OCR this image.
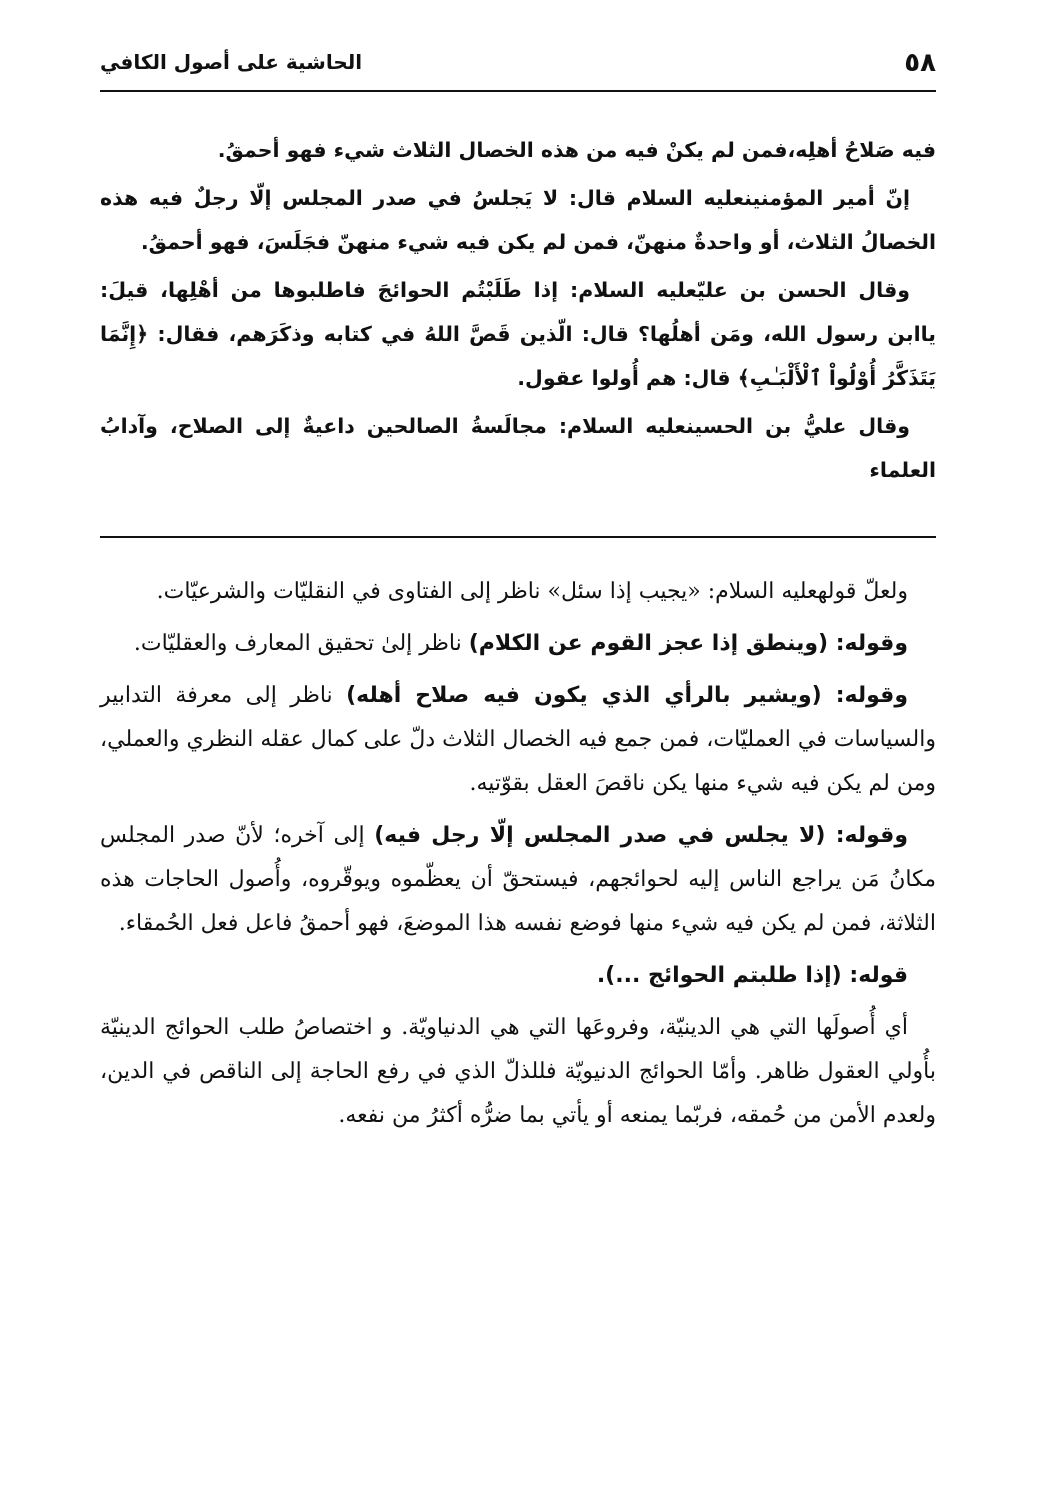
٥٨
الحاشية على أصول الكافي

فيه صَلاحُ أهلِه،فمن لم يكنْ فيه من هذه الخصال الثلاث شيء فهو أحمقُ.

إنّ أمير المؤمنينعليه السلام قال: لا يَجلسُ في صدر المجلس إلّا رجلٌ فيه هذه الخصالُ الثلاث، أو واحدةٌ منهنّ، فمن لم يكن فيه شيء منهنّ فجَلَسَ، فهو أحمقُ.

وقال الحسن بن عليّعليه السلام: إذا طَلَبْتُم الحوائجَ فاطلبوها من أهْلِها، قيلَ: ياابن رسول الله، ومَن أهلُها؟ قال: الّذين قَصَّ اللهُ في كتابه وذكَرَهم، فقال: ﴿إِنَّمَا يَتَذَكَّرُ أُوْلُواْ ٱلْأَلْبَـٰبِ﴾ قال: هم أُولوا عقول.

وقال عليُّ بن الحسينعليه السلام: مجالَسةُ الصالحين داعيةٌ إلى الصلاح، وآدابُ العلماء

ولعلّ قولهعليه السلام: «يجيب إذا سئل» ناظر إلى الفتاوى في النقليّات والشرعيّات.

وقوله: (وينطق إذا عجز القوم عن الكلام) ناظر إلىٰ تحقيق المعارف والعقليّات.

وقوله: (ويشير بالرأي الذي يكون فيه صلاح أهله) ناظر إلى معرفة التدابير والسياسات في العمليّات، فمن جمع فيه الخصال الثلاث دلّ على كمال عقله النظري والعملي، ومن لم يكن فيه شيء منها يكن ناقصَ العقل بقوّتيه.

وقوله: (لا يجلس في صدر المجلس إلّا رجل فيه) إلى آخره؛ لأنّ صدر المجلس مكانُ مَن يراجع الناس إليه لحوائجهم، فيستحقّ أن يعظّموه ويوقّروه، وأُصول الحاجات هذه الثلاثة، فمن لم يكن فيه شيء منها فوضع نفسه هذا الموضعَ، فهو أحمقُ فاعل فعل الحُمقاء.

قوله: (إذا طلبتم الحوائج ...).

أي أُصولَها التي هي الدينيّة، وفروعَها التي هي الدنياويّة. و اختصاصُ طلب الحوائج الدينيّة بأُولي العقول ظاهر. وأمّا الحوائج الدنيويّة فللذلّ الذي في رفع الحاجة إلى الناقص في الدين، ولعدم الأمن من حُمقه، فربّما يمنعه أو يأتي بما ضرُّه أكثرُ من نفعه.
